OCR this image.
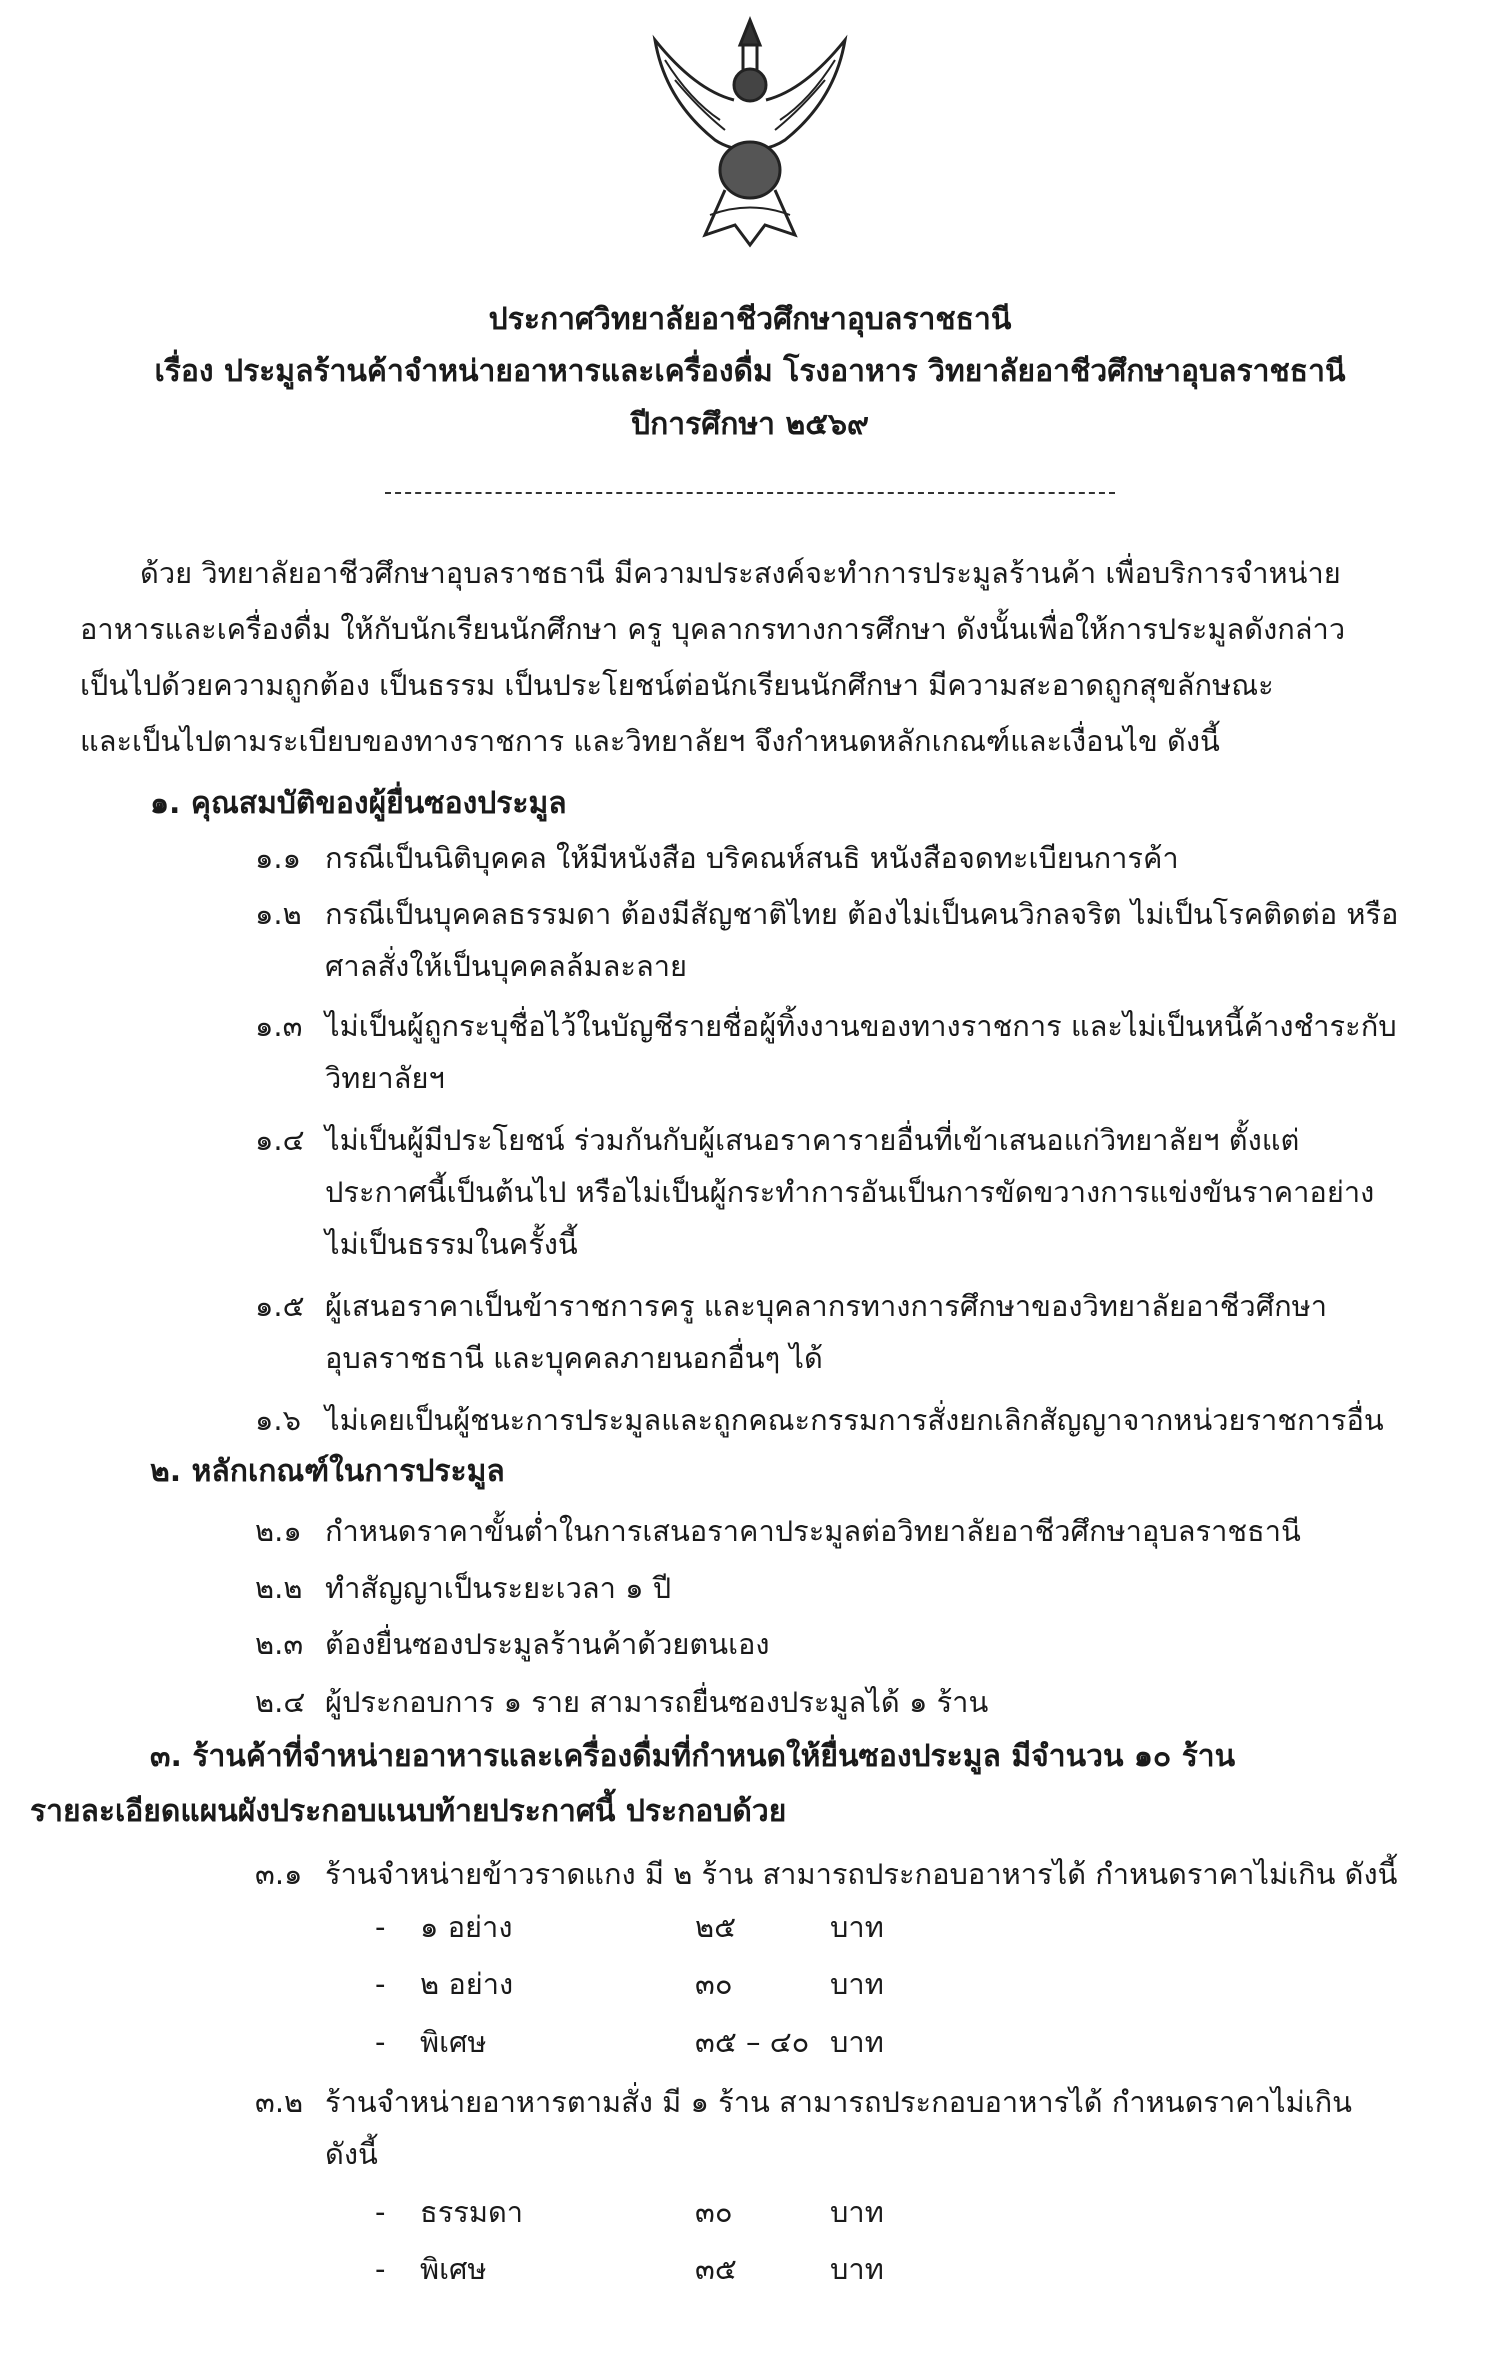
ประกาศวิทยาลัยอาชีวศึกษาอุบลราชธานี
เรื่อง ประมูลร้านค้าจำหน่ายอาหารและเครื่องดื่ม โรงอาหาร วิทยาลัยอาชีวศึกษาอุบลราชธานี
ปีการศึกษา ๒๕๖๙
ด้วย วิทยาลัยอาชีวศึกษาอุบลราชธานี มีความประสงค์จะทำการประมูลร้านค้า เพื่อบริการจำหน่าย
อาหารและเครื่องดื่ม ให้กับนักเรียนนักศึกษา ครู บุคลากรทางการศึกษา ดังนั้นเพื่อให้การประมูลดังกล่าว
เป็นไปด้วยความถูกต้อง เป็นธรรม เป็นประโยชน์ต่อนักเรียนนักศึกษา มีความสะอาดถูกสุขลักษณะ
และเป็นไปตามระเบียบของทางราชการ และวิทยาลัยฯ จึงกำหนดหลักเกณฑ์และเงื่อนไข ดังนี้
๑. คุณสมบัติของผู้ยื่นซองประมูล
๑.๑ กรณีเป็นนิติบุคคล ให้มีหนังสือ บริคณห์สนธิ หนังสือจดทะเบียนการค้า
๑.๒ กรณีเป็นบุคคลธรรมดา ต้องมีสัญชาติไทย ต้องไม่เป็นคนวิกลจริต ไม่เป็นโรคติดต่อ หรือ
ศาลสั่งให้เป็นบุคคลล้มละลาย
๑.๓ ไม่เป็นผู้ถูกระบุชื่อไว้ในบัญชีรายชื่อผู้ทิ้งงานของทางราชการ และไม่เป็นหนี้ค้างชำระกับ
วิทยาลัยฯ
๑.๔ ไม่เป็นผู้มีประโยชน์ ร่วมกันกับผู้เสนอราคารายอื่นที่เข้าเสนอแก่วิทยาลัยฯ ตั้งแต่
ประกาศนี้เป็นต้นไป หรือไม่เป็นผู้กระทำการอันเป็นการขัดขวางการแข่งขันราคาอย่าง
ไม่เป็นธรรมในครั้งนี้
๑.๕ ผู้เสนอราคาเป็นข้าราชการครู และบุคลากรทางการศึกษาของวิทยาลัยอาชีวศึกษา
อุบลราชธานี และบุคคลภายนอกอื่นๆ ได้
๑.๖ ไม่เคยเป็นผู้ชนะการประมูลและถูกคณะกรรมการสั่งยกเลิกสัญญาจากหน่วยราชการอื่น
๒. หลักเกณฑ์ในการประมูล
๒.๑ กำหนดราคาขั้นต่ำในการเสนอราคาประมูลต่อวิทยาลัยอาชีวศึกษาอุบลราชธานี
๒.๒ ทำสัญญาเป็นระยะเวลา ๑ ปี
๒.๓ ต้องยื่นซองประมูลร้านค้าด้วยตนเอง
๒.๔ ผู้ประกอบการ ๑ ราย สามารถยื่นซองประมูลได้ ๑ ร้าน
๓. ร้านค้าที่จำหน่ายอาหารและเครื่องดื่มที่กำหนดให้ยื่นซองประมูล มีจำนวน ๑๐ ร้าน
รายละเอียดแผนผังประกอบแนบท้ายประกาศนี้ ประกอบด้วย
๓.๑ ร้านจำหน่ายข้าวราดแกง มี ๒ ร้าน สามารถประกอบอาหารได้ กำหนดราคาไม่เกิน ดังนี้
- ๑ อย่าง	๒๕	บาท
- ๒ อย่าง	๓๐	บาท
- พิเศษ	๓๕ – ๔๐ บาท
๓.๒ ร้านจำหน่ายอาหารตามสั่ง มี ๑ ร้าน สามารถประกอบอาหารได้ กำหนดราคาไม่เกิน
ดังนี้
- ธรรมดา	๓๐	บาท
- พิเศษ	๓๕	บาท
